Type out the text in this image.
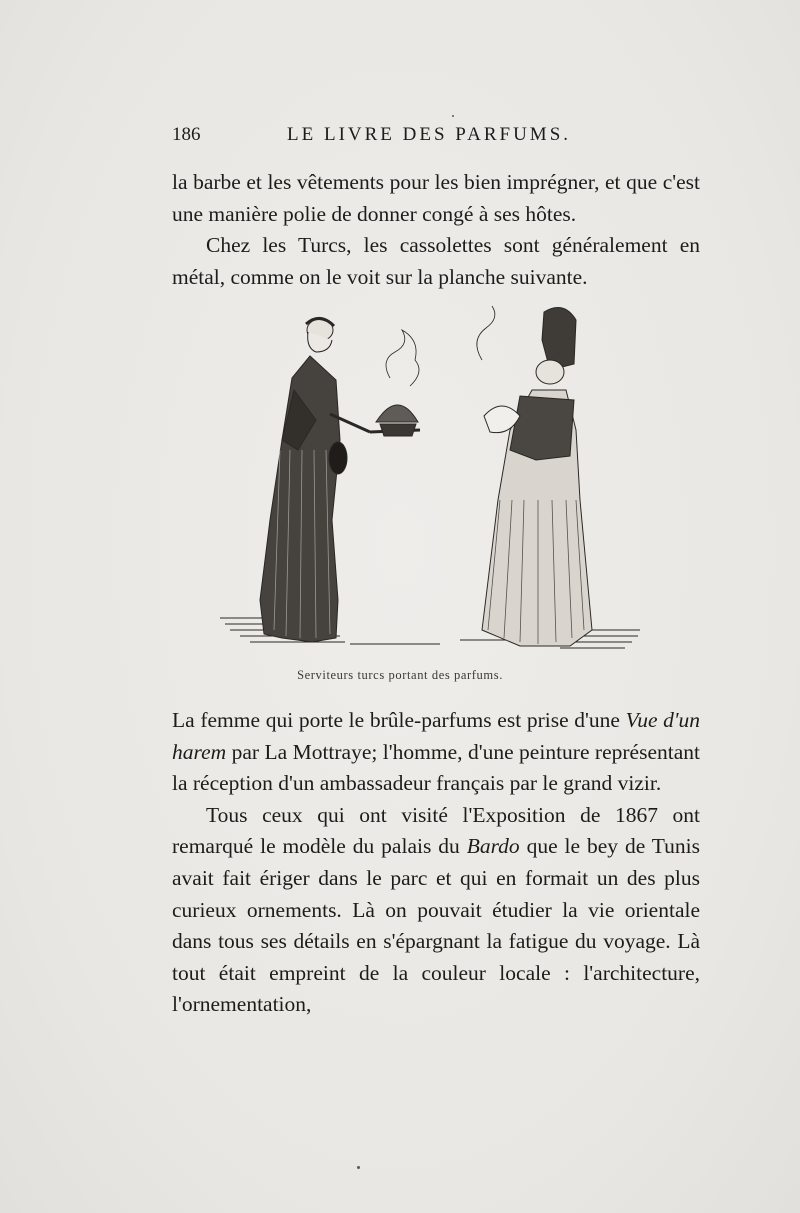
186	LE LIVRE DES PARFUMS.

la barbe et les vêtements pour les bien imprégner, et que c'est une manière polie de donner congé à ses hôtes.

Chez les Turcs, les cassolettes sont généralement en métal, comme on le voit sur la planche suivante.

Serviteurs turcs portant des parfums.

La femme qui porte le brûle-parfums est prise d'une Vue d'un harem par La Mottraye; l'homme, d'une peinture représentant la réception d'un ambassadeur français par le grand vizir.

Tous ceux qui ont visité l'Exposition de 1867 ont remarqué le modèle du palais du Bardo que le bey de Tunis avait fait ériger dans le parc et qui en formait un des plus curieux ornements. Là on pouvait étudier la vie orientale dans tous ses détails en s'épargnant la fatigue du voyage. Là tout était empreint de la couleur locale : l'architecture, l'ornementation,
